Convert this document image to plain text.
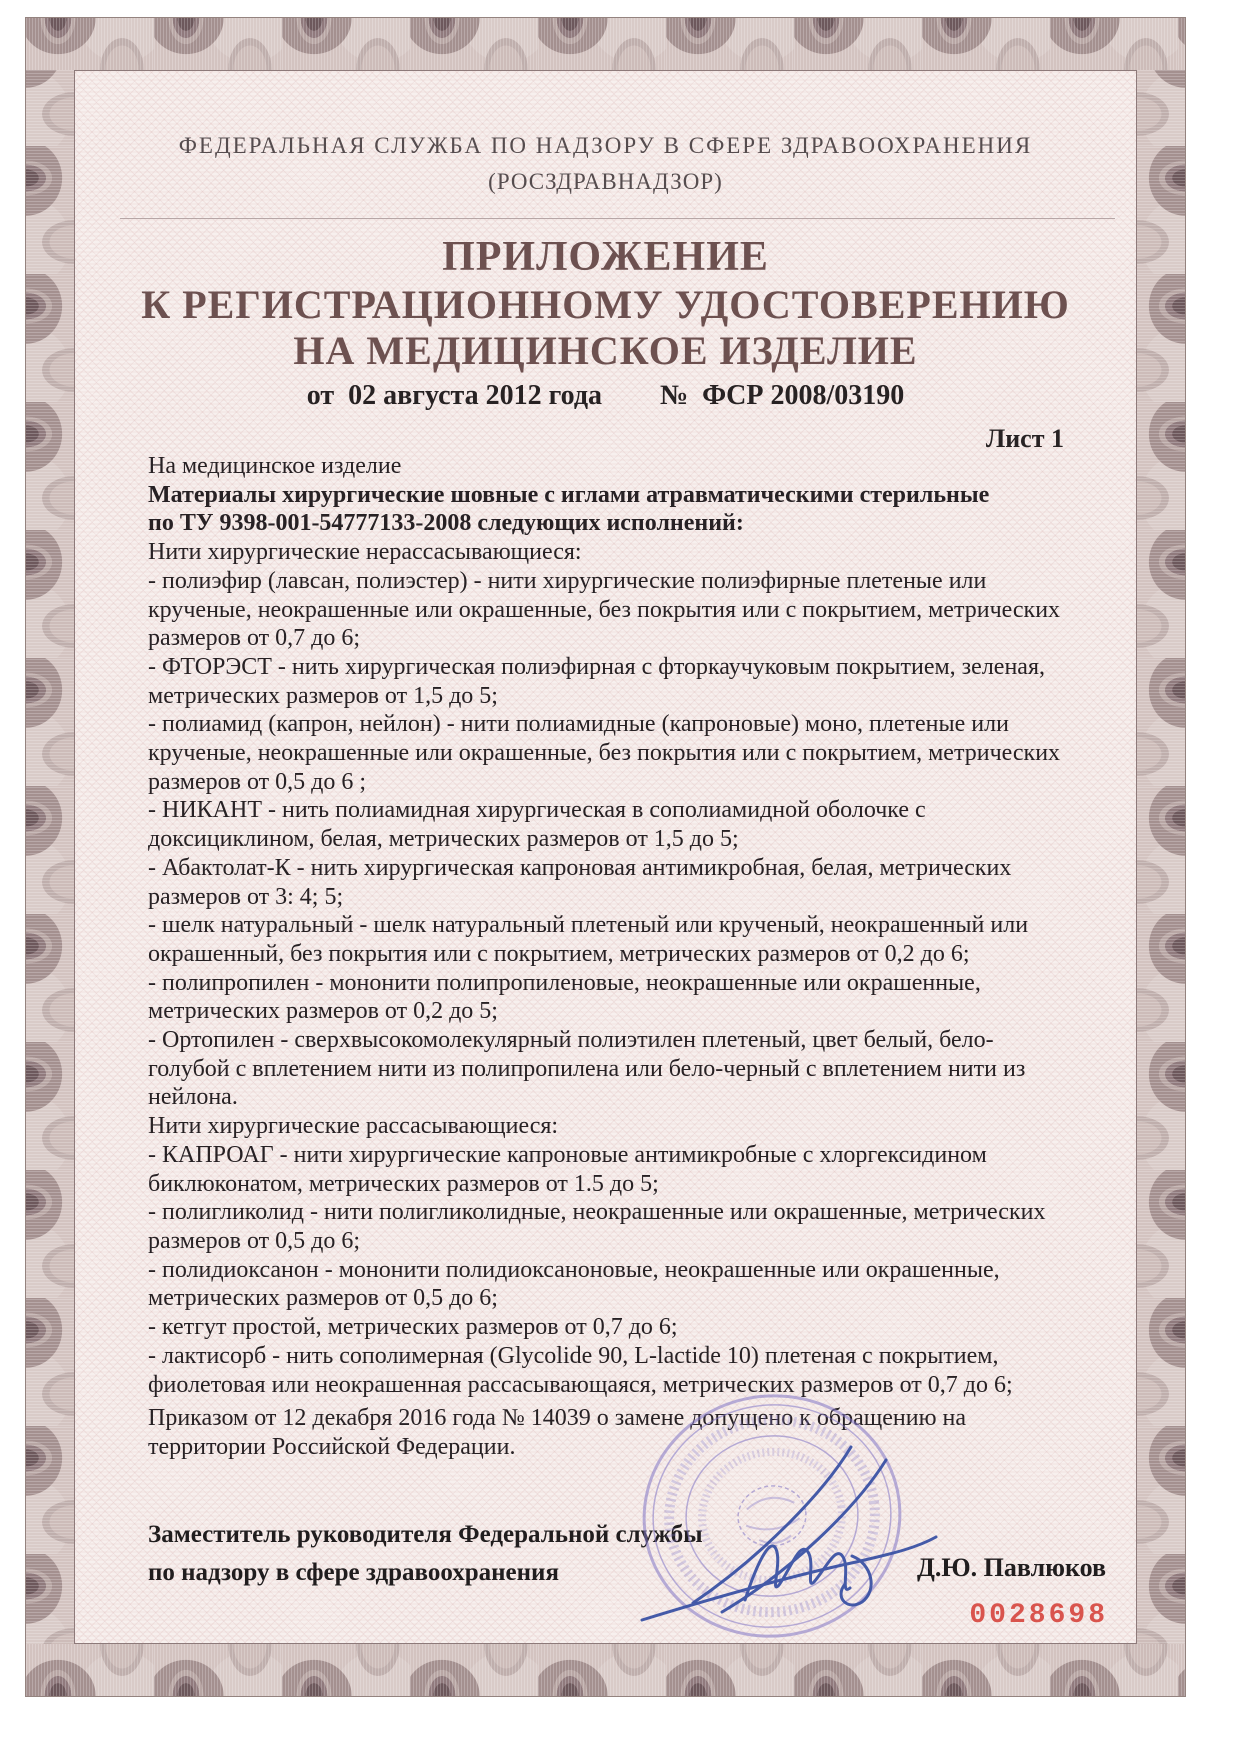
ФЕДЕРАЛЬНАЯ СЛУЖБА ПО НАДЗОРУ В СФЕРЕ ЗДРАВООХРАНЕНИЯ
(РОСЗДРАВНАДЗОР)
ПРИЛОЖЕНИЕ
К РЕГИСТРАЦИОННОМУ УДОСТОВЕРЕНИЮ
НА МЕДИЦИНСКОЕ ИЗДЕЛИЕ
от  02 августа 2012 года №  ФСР 2008/03190
Лист 1
На медицинское изделие
Материалы хирургические шовные с иглами атравматическими стерильные
по ТУ 9398-001-54777133-2008 следующих исполнений:
Нити хирургические нерассасывающиеся:
- полиэфир (лавсан, полиэстер) - нити хирургические полиэфирные плетеные или
крученые, неокрашенные или окрашенные, без покрытия или с покрытием, метрических
размеров от 0,7 до 6;
- ФТОРЭСТ - нить хирургическая полиэфирная с фторкаучуковым покрытием, зеленая,
метрических размеров от 1,5 до 5;
- полиамид (капрон, нейлон) - нити полиамидные (капроновые) моно, плетеные или
крученые, неокрашенные или окрашенные, без покрытия или с покрытием, метрических
размеров от 0,5 до 6 ;
- НИКАНТ - нить полиамидная хирургическая в сополиамидной оболочке с
доксициклином, белая, метрических размеров от 1,5 до 5;
- Абактолат-К - нить хирургическая капроновая антимикробная, белая, метрических
размеров от 3: 4; 5;
- шелк натуральный - шелк натуральный плетеный или крученый, неокрашенный или
окрашенный, без покрытия или с покрытием, метрических размеров от 0,2 до 6;
- полипропилен - мононити полипропиленовые, неокрашенные или окрашенные,
метрических размеров от 0,2 до 5;
- Ортопилен - сверхвысокомолекулярный полиэтилен плетеный, цвет белый, бело-
голубой с вплетением нити из полипропилена или бело-черный с вплетением нити из
нейлона.
Нити хирургические рассасывающиеся:
- КАПРОАГ - нити хирургические капроновые антимикробные с хлоргексидином
биклюконатом, метрических размеров от 1.5 до 5;
- полигликолид - нити полигликолидные, неокрашенные или окрашенные, метрических
размеров от 0,5 до 6;
- полидиоксанон - мононити полидиоксаноновые, неокрашенные или окрашенные,
метрических размеров от 0,5 до 6;
- кетгут простой, метрических размеров от 0,7 до 6;
- лактисорб - нить сополимерная (Glycolide 90, L-lactide 10) плетеная с покрытием,
фиолетовая или неокрашенная рассасывающаяся, метрических размеров от 0,7 до 6;
Приказом от 12 декабря 2016 года № 14039 о замене допущено к обращению на
территории Российской Федерации.
Заместитель руководителя Федеральной службы
по надзору в сфере здравоохранения	Д.Ю. Павлюков
0028698
